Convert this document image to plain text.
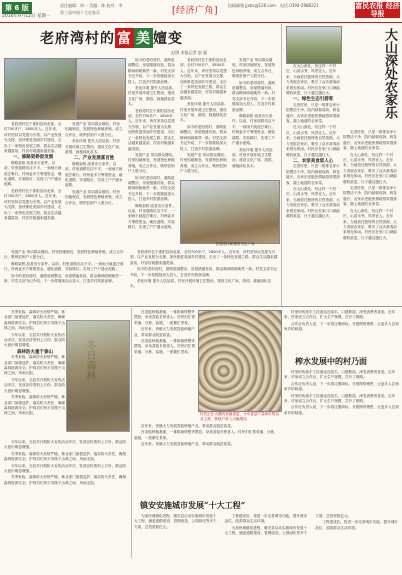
第 6 版
2016年9月12日 星期一
责任编辑：周一 美编：陈 校对：李
第三届中国十大农家乐	[经济广角]
投稿邮箱 jjxbs@126.com	电话 0394-2988221	富民农报 经济导报
老府湾村的 富 美 嬗变
文/图 本报记者 赵 磊

老府湾村位于淮阳县西北部，全村700多户、2800多人。近年来，该村坚持以党建为引领，以产业发展为支撑，加快推进美丽乡村建设，走出了一条特色发展之路，群众生活越来越富裕，村容村貌越来越美丽。

一、修路架桥促发展

修路架桥 改善出行条件。以前，村里道路坑洼不平，一到雨天就泥泞难行。村两委多方筹措资金，硬化道路、安装路灯，实现了户户通水泥路。

老府湾村位于淮阳县西北部，全村700多户、2800多人。近年来，该村坚持以党建为引领，以产业发展为支撑，加快推进美丽乡村建设，走出了一条特色发展之路，群众生活越来越富裕，村容村貌越来越美丽。

发展产业 带动群众增收。村里因地制宜，发展特色种植养殖，成立合作社，吸纳贫困户入股分红。

美化环境 提升人居品质。村里开展环境卫生整治，建设文化广场、游园，栽植绿化苗木。

二、产业发展富百姓

修路架桥 改善出行条件。以前，村里道路坑洼不平，一到雨天就泥泞难行。村两委多方筹措资金，硬化道路、安装路灯，实现了户户通水泥路。

发展产业 带动群众增收。村里因地制宜，发展特色种植养殖，成立合作社，吸纳贫困户入股分红。

如今的老府湾村，道路宽阔整洁，房屋错落有致，群众精神面貌焕然一新。村党支部书记介绍，下一步将继续加大投入，打造乡村旅游品牌。

美化环境 提升人居品质。村里开展环境卫生整治，建设文化广场、游园，栽植绿化苗木。

老府湾村位于淮阳县西北部，全村700多户、2800多人。近年来，该村坚持以党建为引领，以产业发展为支撑，加快推进美丽乡村建设，走出了一条特色发展之路，群众生活越来越富裕，村容村貌越来越美丽。

发展产业 带动群众增收。村里因地制宜，发展特色种植养殖，成立合作社，吸纳贫困户入股分红。

如今的老府湾村，道路宽阔整洁，房屋错落有致，群众精神面貌焕然一新。村党支部书记介绍，下一步将继续加大投入，打造乡村旅游品牌。

修路架桥 改善出行条件。以前，村里道路坑洼不平，一到雨天就泥泞难行。村两委多方筹措资金，硬化道路、安装路灯，实现了户户通水泥路。

老府湾村位于淮阳县西北部，全村700多户、2800多人。近年来，该村坚持以党建为引领，以产业发展为支撑，加快推进美丽乡村建设，走出了一条特色发展之路，群众生活越来越富裕，村容村貌越来越美丽。

美化环境 提升人居品质。村里开展环境卫生整治，建设文化广场、游园，栽植绿化苗木。

如今的老府湾村，道路宽阔整洁，房屋错落有致，群众精神面貌焕然一新。村党支部书记介绍，下一步将继续加大投入，打造乡村旅游品牌。

发展产业 带动群众增收。村里因地制宜，发展特色种植养殖，成立合作社，吸纳贫困户入股分红。

老府湾村新建的文化广场

发展产业 带动群众增收。村里因地制宜，发展特色种植养殖，成立合作社，吸纳贫困户入股分红。

如今的老府湾村，道路宽阔整洁，房屋错落有致，群众精神面貌焕然一新。村党支部书记介绍，下一步将继续加大投入，打造乡村旅游品牌。

修路架桥 改善出行条件。以前，村里道路坑洼不平，一到雨天就泥泞难行。村两委多方筹措资金，硬化道路、安装路灯，实现了户户通水泥路。

美化环境 提升人居品质。村里开展环境卫生整治，建设文化广场、游园，栽植绿化苗木。

老府湾村位于淮阳县西北部，全村700多户、2800多人。近年来，该村坚持以党建为引领，以产业发展为支撑，加快推进美丽乡村建设，走出了一条特色发展之路，群众生活越来越富裕，村容村貌越来越美丽。

如今的老府湾村，道路宽阔整洁，房屋错落有致，群众精神面貌焕然一新。村党支部书记介绍，下一步将继续加大投入，打造乡村旅游品牌。

美化环境 提升人居品质。村里开展环境卫生整治，建设文化广场、游园，栽植绿化苗木。

发展产业 带动群众增收。村里因地制宜，发展特色种植养殖，成立合作社，吸纳贫困户入股分红。

修路架桥 改善出行条件。以前，村里道路坑洼不平，一到雨天就泥泞难行。村两委多方筹措资金，硬化道路、安装路灯，实现了户户通水泥路。

如今的老府湾村，道路宽阔整洁，房屋错落有致，群众精神面貌焕然一新。村党支部书记介绍，下一步将继续加大投入，打造乡村旅游品牌。

大山深处农家乐

在大山深处，有这样一个村庄，山清水秀，风景宜人。近年来，当地依托独特的自然资源，大力发展农家乐，吸引了众多游客前来观光休闲。村民们在家门口就能增收致富，日子越过越红火。

一、绿色生态引游客

走进村里，只见一排排农家小院整洁干净，院内绿树成荫、鲜花盛开。农家乐老板热情地招呼着游客，端上地道的农家菜。

在大山深处，有这样一个村庄，山清水秀，风景宜人。近年来，当地依托独特的自然资源，大力发展农家乐，吸引了众多游客前来观光休闲。村民们在家门口就能增收致富，日子越过越红火。

二、农家美食留人心

走进村里，只见一排排农家小院整洁干净，院内绿树成荫、鲜花盛开。农家乐老板热情地招呼着游客，端上地道的农家菜。

在大山深处，有这样一个村庄，山清水秀，风景宜人。近年来，当地依托独特的自然资源，大力发展农家乐，吸引了众多游客前来观光休闲。村民们在家门口就能增收致富，日子越过越红火。

走进村里，只见一排排农家小院整洁干净，院内绿树成荫、鲜花盛开。农家乐老板热情地招呼着游客，端上地道的农家菜。

在大山深处，有这样一个村庄，山清水秀，风景宜人。近年来，当地依托独特的自然资源，大力发展农家乐，吸引了众多游客前来观光休闲。村民们在家门口就能增收致富，日子越过越红火。

走进村里，只见一排排农家小院整洁干净，院内绿树成荫、鲜花盛开。农家乐老板热情地招呼着游客，端上地道的农家菜。

在大山深处，有这样一个村庄，山清水秀，风景宜人。近年来，当地依托独特的自然资源，大力发展农家乐，吸引了众多游客前来观光休闲。村民们在家门口就能增收致富，日子越过越红火。

冬季来临，森林防火形势严峻。林业部门加强巡护，落实防火责任，确保森林资源安全。护林员们每天穿梭于山林之间，风雨无阻。

今年以来，全县共开展防火宣传活动多次，发放宣传资料上万份，群众防火意识明显增强。

森林防火重于泰山

冬季来临，森林防火形势严峻。林业部门加强巡护，落实防火责任，确保森林资源安全。护林员们每天穿梭于山林之间，风雨无阻。

今年以来，全县共开展防火宣传活动多次，发放宣传资料上万份，群众防火意识明显增强。

冬季来临，森林防火形势严峻。林业部门加强巡护，落实防火责任，确保森林资源安全。护林员们每天穿梭于山林之间，风雨无阻。

今年以来，全县共开展防火宣传活动多次，发放宣传资料上万份，群众防火意识明显增强。

冬季来临，森林防火形势严峻。林业部门加强巡护，落实防火责任，确保森林资源安全。护林员们每天穿梭于山林之间，风雨无阻。

今年以来，全县共开展防火宣传活动多次，发放宣传资料上万份，群众防火意识明显增强。

冬季来临，森林防火形势严峻。林业部门加强巡护，落实防火责任，确保森林资源安全。护林员们每天穿梭于山林之间，风雨无阻。

在香菇种植基地，一排排菌棒整齐摆放，朵朵香菇长势喜人。村民们忙着采摘、分拣、装箱，一派繁忙景象。

近年来，该镇大力发展香菇种植产业，带动群众脱贫致富。

在香菇种植基地，一排排菌棒整齐摆放，朵朵香菇长势喜人。村民们忙着采摘、分拣、装箱，一派繁忙景象。

村民正在大棚内采摘香菇，今年香菇产量和价格双双上涨，种植户收入大幅增加

近年来，该镇大力发展香菇种植产业，带动群众脱贫致富。

在香菇种植基地，一排排菌棒整齐摆放，朵朵香菇长势喜人。村民们忙着采摘、分拣、装箱，一派繁忙景象。

近年来，该镇大力发展香菇种植产业，带动群众脱贫致富。

村里的传统手工挂面远近闻名，口感筋道，深受消费者喜爱。近年来，村里成立合作社，扩大生产规模，打开了销路。

合作社负责人说，下一步将注册商标，开展网络销售，让更多人尝到家乡的味道。

榨水发展中的村乃面

村里的传统手工挂面远近闻名，口感筋道，深受消费者喜爱。近年来，村里成立合作社，扩大生产规模，打开了销路。

合作社负责人说，下一步将注册商标，开展网络销售，让更多人尝到家乡的味道。

村里的传统手工挂面远近闻名，口感筋道，深受消费者喜爱。近年来，村里成立合作社，扩大生产规模，打开了销路。

合作社负责人说，下一步将注册商标，开展网络销售，让更多人尝到家乡的味道。

镇安安施城市发展“十大工程”

为加快城镇化进程，镇安县启动实施城市发展十大工程，涵盖道路建设、管网改造、公园绿化等多个方面，总投资数亿元。

工程建成后，将进一步完善城市功能，提升城市品位，改善群众生活环境。

为加快城镇化进程，镇安县启动实施城市发展十大工程，涵盖道路建设、管网改造、公园绿化等多个方面，总投资数亿元。

工程建成后，将进一步完善城市功能，提升城市品位，改善群众生活环境。
